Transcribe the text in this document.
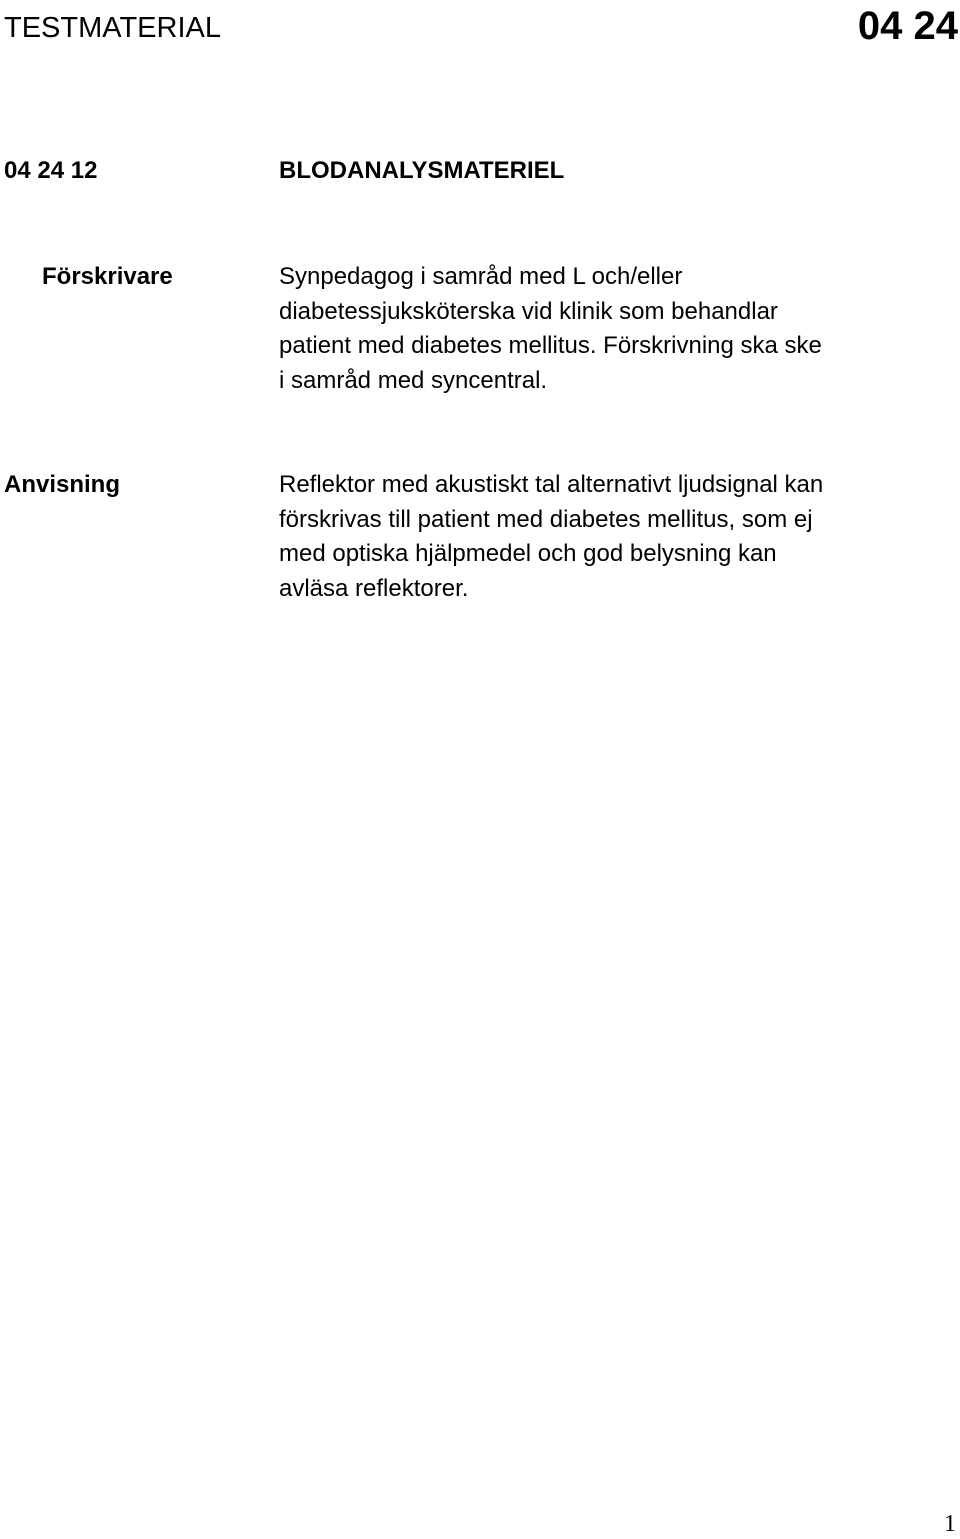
TESTMATERIAL	04 24
04 24 12	BLODANALYSMATERIEL
Förskrivare	Synpedagog i samråd med L och/eller
diabetessjuksköterska vid klinik som behandlar
patient med diabetes mellitus. Förskrivning ska ske
i samråd med syncentral.
Anvisning	Reflektor med akustiskt tal alternativt ljudsignal kan
förskrivas till patient med diabetes mellitus, som ej
med optiska hjälpmedel och god belysning kan
avläsa reflektorer.
1
